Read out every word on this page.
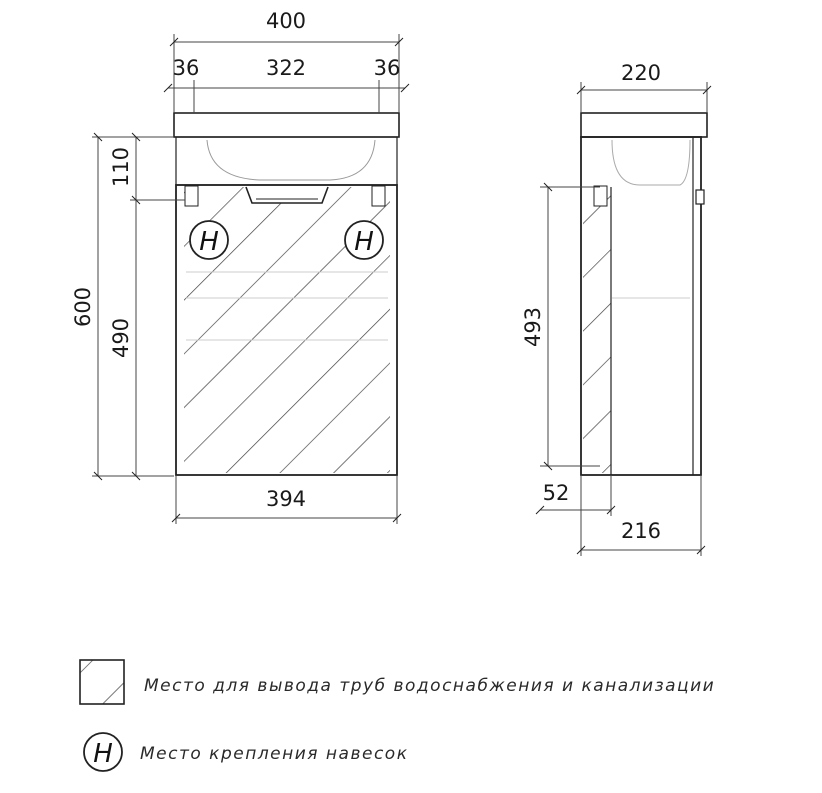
H	H
400
36	322	36
600
110
490
394
220
493
52
216
Место для вывода труб водоснабжения и канализации
H Место крепления навесок
